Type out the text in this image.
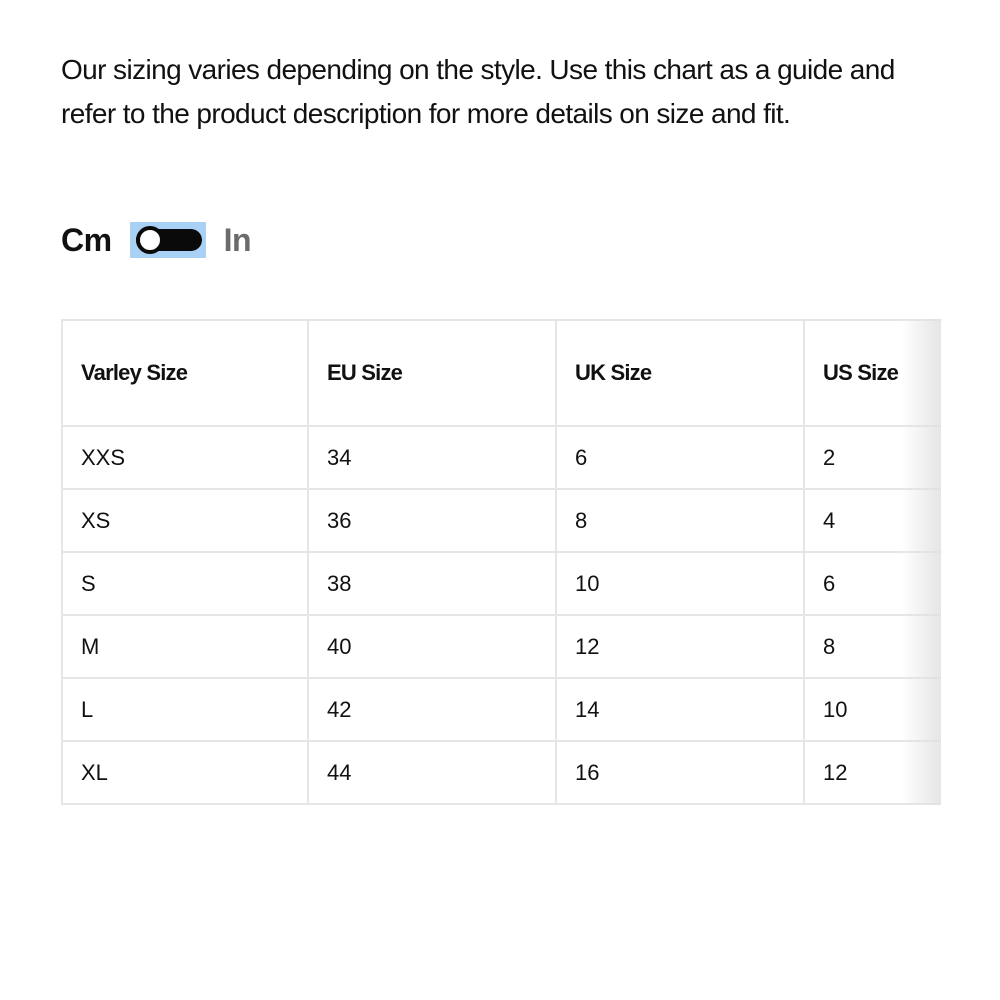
Our sizing varies depending on the style. Use this chart as a guide and refer to the product description for more details on size and fit.

Cm	In
Varley Size	EU Size	UK Size	US Size
XXS	34	6	2
XS	36	8	4
S	38	10	6
M	40	12	8
L	42	14	10
XL	44	16	12
